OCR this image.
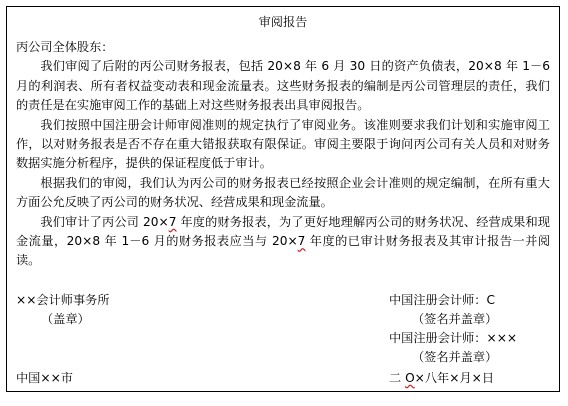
审阅报告

丙公司全体股东：

我们审阅了后附的丙公司财务报表，包括 20×8 年 6 月 30 日的资产负债表，20×8 年 1－6 月的利润表、所有者权益变动表和现金流量表。这些财务报表的编制是丙公司管理层的责任，我们的责任是在实施审阅工作的基础上对这些财务报表出具审阅报告。

我们按照中国注册会计师审阅准则的规定执行了审阅业务。该准则要求我们计划和实施审阅工作，以对财务报表是否不存在重大错报获取有限保证。审阅主要限于询问丙公司有关人员和对财务数据实施分析程序，提供的保证程度低于审计。

根据我们的审阅，我们认为丙公司的财务报表已经按照企业会计准则的规定编制，在所有重大方面公允反映了丙公司的财务状况、经营成果和现金流量。

我们审计了丙公司 20×7 年度的财务报表，为了更好地理解丙公司的财务状况、经营成果和现金流量，20×8 年 1－6 月的财务报表应当与 20×7 年度的已审计财务报表及其审计报告一并阅读。

××会计师事务所
（盖章）
中国注册会计师：C
（签名并盖章）
中国注册会计师：×××
（签名并盖章）
中国××市	二 O×八年×月×日
